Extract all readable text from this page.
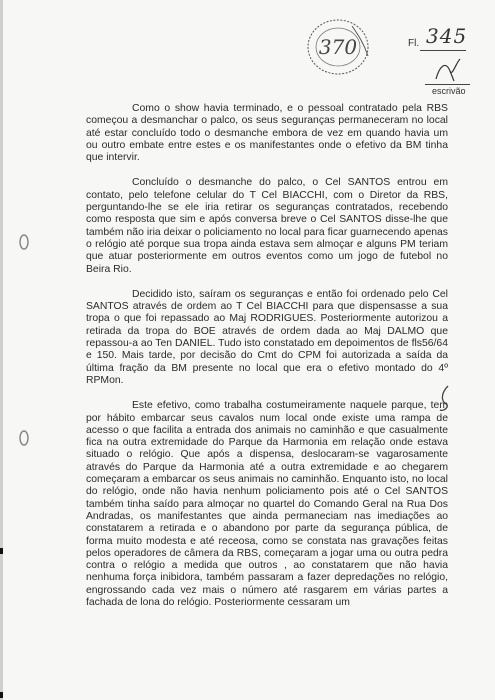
370	Fl. 345
escrivão

Como o show havia terminado, e o pessoal contratado pela RBS começou a desmanchar o palco, os seus seguranças permaneceram no local até estar concluído todo o desmanche embora de vez em quando havia um ou outro embate entre estes e os manifestantes onde o efetivo da BM tinha que intervir.

Concluído o desmanche do palco, o Cel SANTOS entrou em contato, pelo telefone celular do T Cel BIACCHI, com o Diretor da RBS, perguntando-lhe se ele iria retirar os seguranças contratados, recebendo como resposta que sim e após conversa breve o Cel SANTOS disse-lhe que também não iria deixar o policiamento no local para ficar guarnecendo apenas o relógio até porque sua tropa ainda estava sem almoçar e alguns PM teriam que atuar posteriormente em outros eventos como um jogo de futebol no Beira Rio.

Decidido isto, saíram os seguranças e então foi ordenado pelo Cel SANTOS através de ordem ao T Cel BIACCHI para que dispensasse a sua tropa o que foi repassado ao Maj RODRIGUES. Posteriormente autorizou a retirada da tropa do BOE através de ordem dada ao Maj DALMO que repassou-a ao Ten DANIEL. Tudo isto constatado em depoimentos de fls56/64 e 150. Mais tarde, por decisão do Cmt do CPM foi autorizada a saída da última fração da BM presente no local que era o efetivo montado do 4º RPMon.

Este efetivo, como trabalha costumeiramente naquele parque, tem por hábito embarcar seus cavalos num local onde existe uma rampa de acesso o que facilita a entrada dos animais no caminhão e que casualmente fica na outra extremidade do Parque da Harmonia em relação onde estava situado o relógio. Que após a dispensa, deslocaram-se vagarosamente através do Parque da Harmonia até a outra extremidade e ao chegarem começaram a embarcar os seus animais no caminhão. Enquanto isto, no local do relógio, onde não havia nenhum policiamento pois até o Cel SANTOS também tinha saído para almoçar no quartel do Comando Geral na Rua Dos Andradas, os manifestantes que ainda permaneciam nas imediações ao constatarem a retirada e o abandono por parte da segurança pública, de forma muito modesta e até receosa, como se constata nas gravações feitas pelos operadores de câmera da RBS, começaram a jogar uma ou outra pedra contra o relógio a medida que outros , ao constatarem que não havia nenhuma força inibidora, também passaram a fazer depredações no relógio, engrossando cada vez mais o número até rasgarem em várias partes a fachada de lona do relógio. Posteriormente cessaram um
